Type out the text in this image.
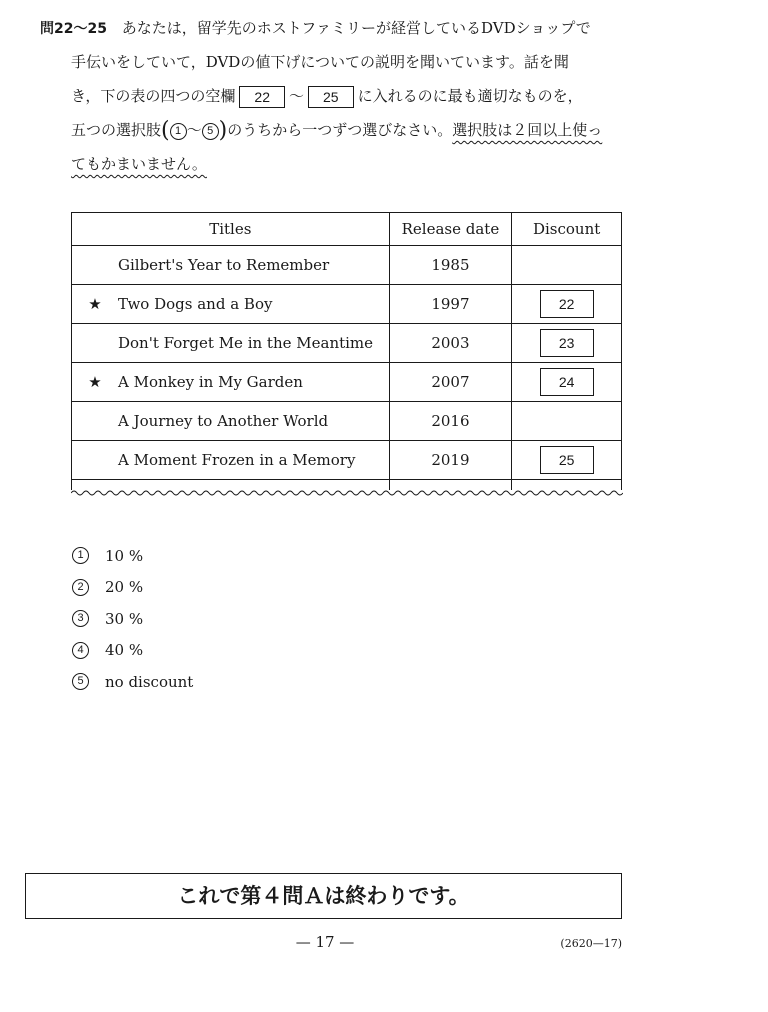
問22～25 あなたは，留学先のホストファミリーが経営しているDVDショップで
手伝いをしていて，DVDの値下げについての説明を聞いています。話を聞
き，下の表の四つの空欄 22 ～ 25 に入れるのに最も適切なものを，
五つの選択肢( 1 ～ 5 )のうちから一つずつ選びなさい。選択肢は２回以上使っ
てもかまいません。
Titles	Release date	Discount
Gilbert's Year to Remember	1985	
★ Two Dogs and a Boy	1997	22
Don't Forget Me in the Meantime	2003	23
★ A Monkey in My Garden	2007	24
A Journey to Another World	2016	
A Moment Frozen in a Memory	2019	25

1	10 %
2	20 %
3	30 %
4	40 %
5	no discount
これで第４問Ａは終わりです。
— 17 —	(2620—17)
